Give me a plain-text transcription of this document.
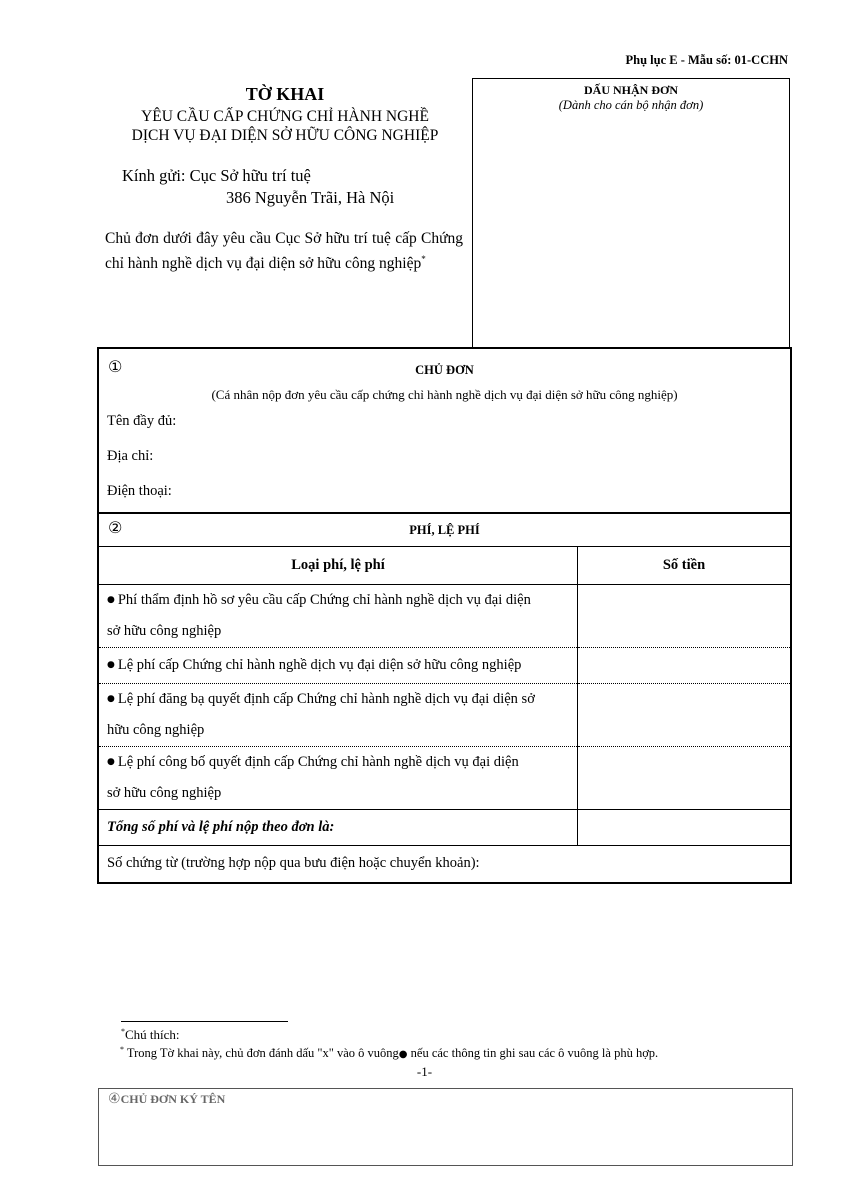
Phụ lục E - Mẫu số: 01-CCHN
TỜ KHAI
YÊU CẦU CẤP CHỨNG CHỈ HÀNH NGHỀ
DỊCH VỤ ĐẠI DIỆN SỞ HỮU CÔNG NGHIỆP
Kính gửi: Cục Sở hữu trí tuệ
386 Nguyễn Trãi, Hà Nội
Chủ đơn dưới đây yêu cầu Cục Sở hữu trí tuệ cấp Chứng chỉ hành nghề dịch vụ đại diện sở hữu công nghiệp*
DẤU NHẬN ĐƠN
(Dành cho cán bộ nhận đơn)
①	CHỦ ĐƠN
(Cá nhân nộp đơn yêu cầu cấp chứng chỉ hành nghề dịch vụ đại diện sở hữu công nghiệp)
Tên đầy đủ:
Địa chỉ:
Điện thoại:
②	PHÍ, LỆ PHÍ
Loại phí, lệ phí	Số tiền
● Phí thẩm định hồ sơ yêu cầu cấp Chứng chỉ hành nghề dịch vụ đại diện
sở hữu công nghiệp	
● Lệ phí cấp Chứng chỉ hành nghề dịch vụ đại diện sở hữu công nghiệp	
● Lệ phí đăng bạ quyết định cấp Chứng chỉ hành nghề dịch vụ đại diện sở
hữu công nghiệp	
● Lệ phí công bố quyết định cấp Chứng chỉ hành nghề dịch vụ đại diện
sở hữu công nghiệp	
Tổng số phí và lệ phí nộp theo đơn là:	
Số chứng từ (trường hợp nộp qua bưu điện hoặc chuyển khoản):	
*Chú thích:
* Trong Tờ khai này, chủ đơn đánh dấu "x" vào ô vuông● nếu các thông tin ghi sau các ô vuông là phù hợp.
-1-
④CHỦ ĐƠN KÝ TÊN
